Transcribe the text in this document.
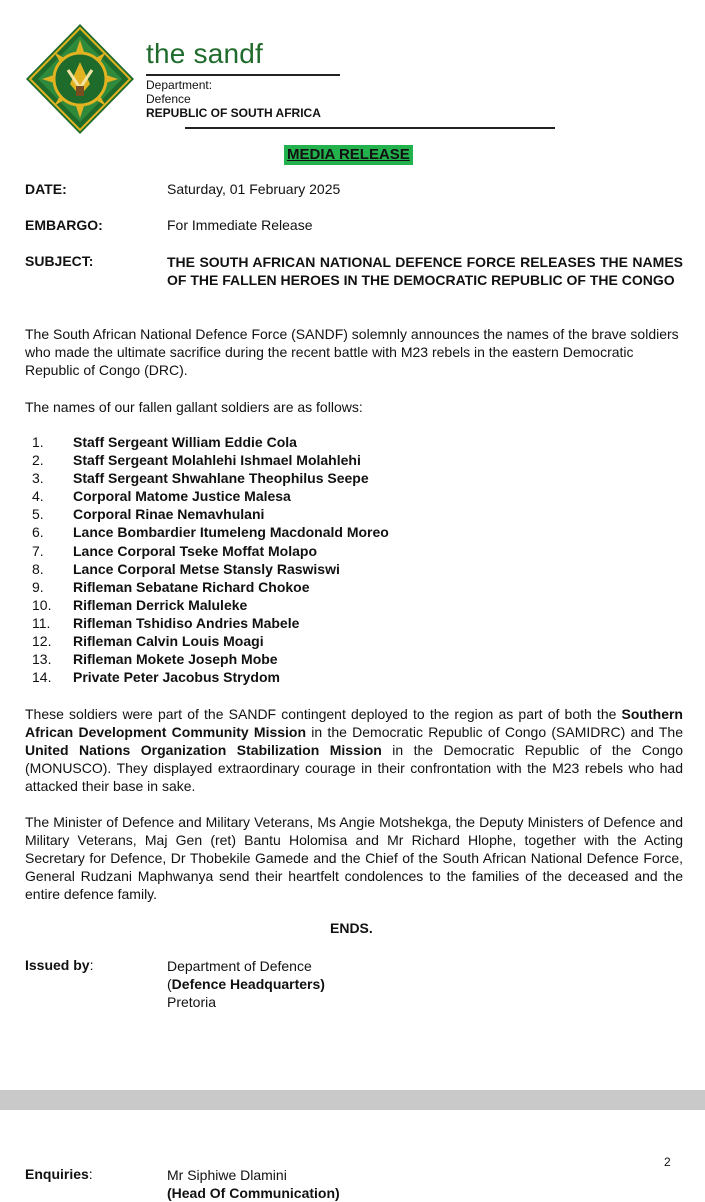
the sandf
Department:
Defence
REPUBLIC OF SOUTH AFRICA
MEDIA RELEASE
DATE:	Saturday, 01 February 2025
EMBARGO:	For Immediate Release
SUBJECT:	THE SOUTH AFRICAN NATIONAL DEFENCE FORCE RELEASES THE NAMES OF THE FALLEN HEROES IN THE DEMOCRATIC REPUBLIC OF THE CONGO
The South African National Defence Force (SANDF) solemnly announces the names of the brave soldiers who made the ultimate sacrifice during the recent battle with M23 rebels in the eastern Democratic Republic of Congo (DRC).
The names of our fallen gallant soldiers are as follows:
1. Staff Sergeant William Eddie Cola
2. Staff Sergeant Molahlehi Ishmael Molahlehi
3. Staff Sergeant Shwahlane Theophilus Seepe
4. Corporal Matome Justice Malesa
5. Corporal Rinae Nemavhulani
6. Lance Bombardier Itumeleng Macdonald Moreo
7. Lance Corporal Tseke Moffat Molapo
8. Lance Corporal Metse Stansly Raswiswi
9. Rifleman Sebatane Richard Chokoe
10. Rifleman Derrick Maluleke
11. Rifleman Tshidiso Andries Mabele
12. Rifleman Calvin Louis Moagi
13. Rifleman Mokete Joseph Mobe
14. Private Peter Jacobus Strydom
These soldiers were part of the SANDF contingent deployed to the region as part of both the Southern African Development Community Mission in the Democratic Republic of Congo (SAMIDRC) and The United Nations Organization Stabilization Mission in the Democratic Republic of the Congo (MONUSCO). They displayed extraordinary courage in their confrontation with the M23 rebels who had attacked their base in sake.
The Minister of Defence and Military Veterans, Ms Angie Motshekga, the Deputy Ministers of Defence and Military Veterans, Maj Gen (ret) Bantu Holomisa and Mr Richard Hlophe, together with the Acting Secretary for Defence, Dr Thobekile Gamede and the Chief of the South African National Defence Force, General Rudzani Maphwanya send their heartfelt condolences to the families of the deceased and the entire defence family.
ENDS.
Issued by:	Department of Defence
(Defence Headquarters)
Pretoria
2
Enquiries:	Mr Siphiwe Dlamini
(Head Of Communication)
